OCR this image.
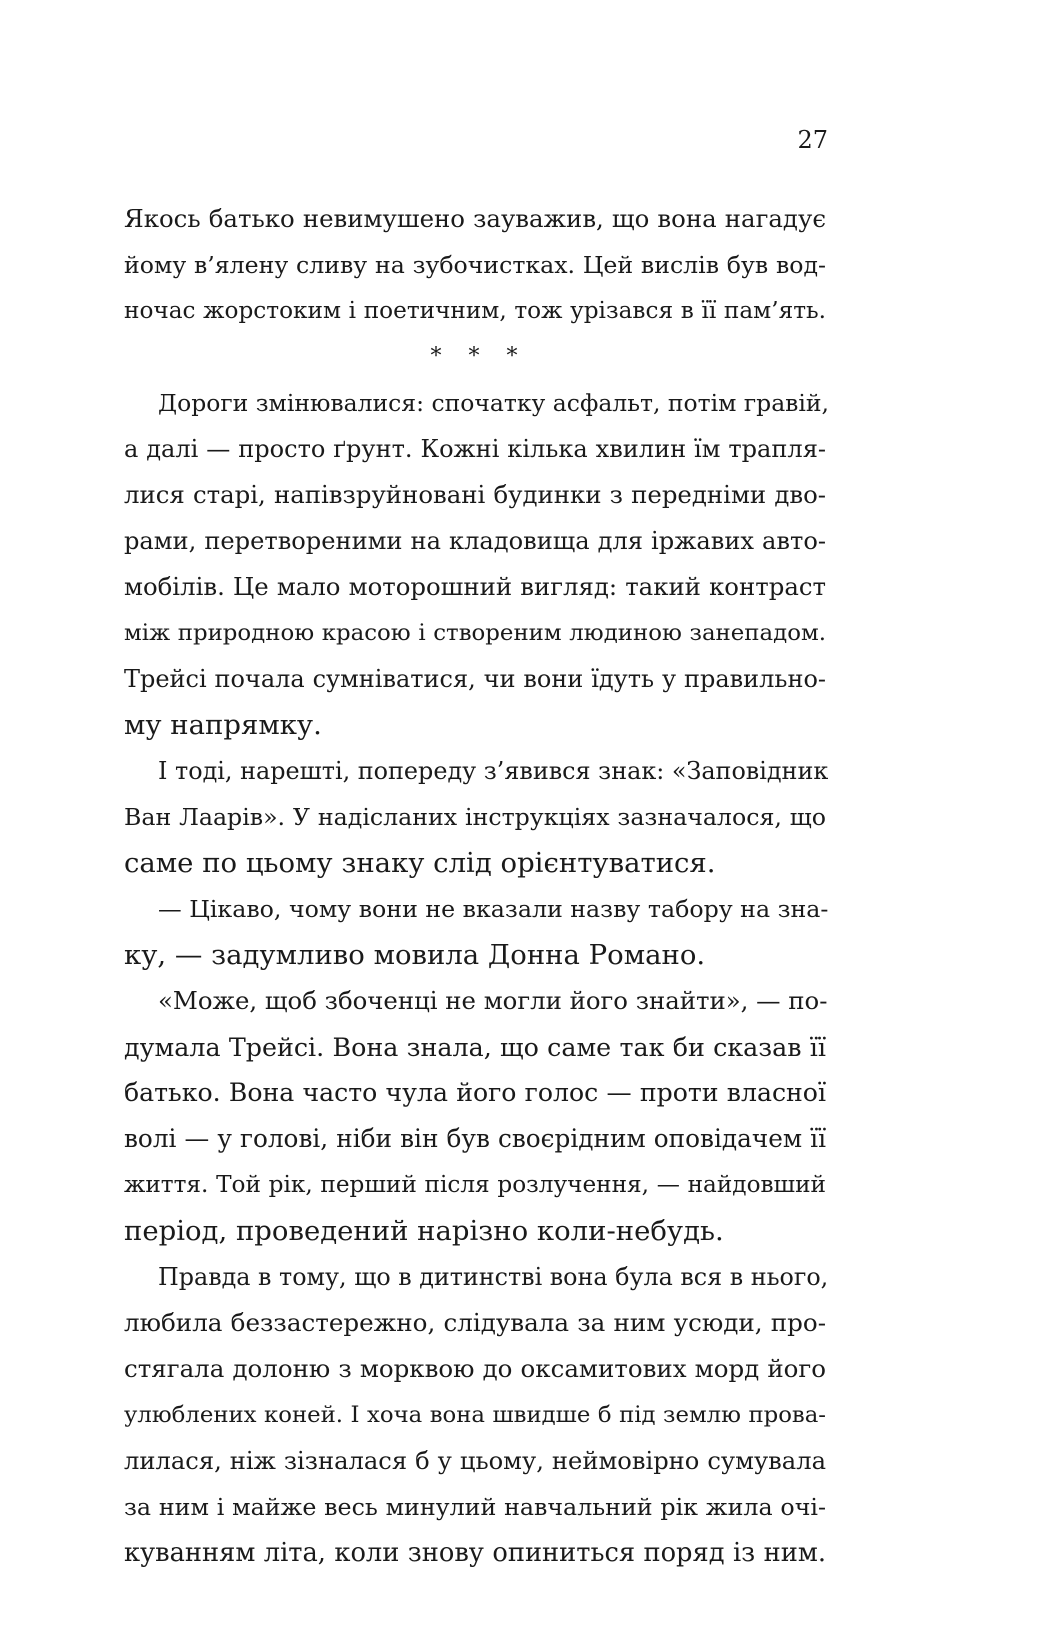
27
Якось батько невимушено зауважив, що вона нагадує
йому в’ялену сливу на зубочистках. Цей вислів був вод-
ночас жорстоким і поетичним, тож урізався в її пам’ять.
* * *
Дороги змінювалися: спочатку асфальт, потім гравій,
а далі — просто ґрунт. Кожні кілька хвилин їм трапля-
лися старі, напівзруйновані будинки з передніми дво-
рами, перетвореними на кладовища для іржавих авто-
мобілів. Це мало моторошний вигляд: такий контраст
між природною красою і створеним людиною занепадом.
Трейсі почала сумніватися, чи вони їдуть у правильно-
му напрямку.
І тоді, нарешті, попереду з’явився знак: «Заповідник
Ван Лаарів». У надісланих інструкціях зазначалося, що
саме по цьому знаку слід орієнтуватися.
— Цікаво, чому вони не вказали назву табору на зна-
ку, — задумливо мовила Донна Романо.
«Може, щоб збоченці не могли його знайти», — по-
думала Трейсі. Вона знала, що саме так би сказав її
батько. Вона часто чула його голос — проти власної
волі — у голові, ніби він був своєрідним оповідачем її
життя. Той рік, перший після розлучення, — найдовший
період, проведений нарізно коли-небудь.
Правда в тому, що в дитинстві вона була вся в нього,
любила беззастережно, слідувала за ним усюди, про-
стягала долоню з морквою до оксамитових морд його
улюблених коней. І хоча вона швидше б під землю прова-
лилася, ніж зізналася б у цьому, неймовірно сумувала
за ним і майже весь минулий навчальний рік жила очі-
куванням літа, коли знову опиниться поряд із ним.
